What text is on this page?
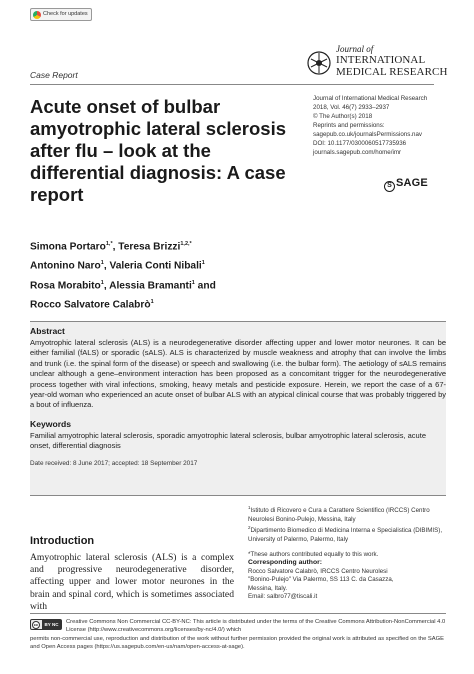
Check for updates
Case Report
Journal of
INTERNATIONAL
MEDICAL RESEARCH
Acute onset of bulbar amyotrophic lateral sclerosis after flu – look at the differential diagnosis: A case report
Journal of International Medical Research
2018, Vol. 46(7) 2933–2937
© The Author(s) 2018
Reprints and permissions:
sagepub.co.uk/journalsPermissions.nav
DOI: 10.1177/0300060517735936
journals.sagepub.com/home/imr
S SAGE
Simona Portaro$^{1,*}$, Teresa Brizzi$^{1,2,*}$
Antonino Naro$^1$, Valeria Conti Nibali$^1$
Rosa Morabito$^1$, Alessia Bramanti$^1$ and
Rocco Salvatore Calabrò$^1$
Abstract

Amyotrophic lateral sclerosis (ALS) is a neurodegenerative disorder affecting upper and lower motor neurones. It can be either familial (fALS) or sporadic (sALS). ALS is characterized by muscle weakness and atrophy that can involve the limbs and trunk (i.e. the spinal form of the disease) or speech and swallowing (i.e. the bulbar form). The aetiology of sALS remains unclear although a gene–environment interaction has been proposed as a concomitant trigger for the neurodegenerative process together with viral infections, smoking, heavy metals and pesticide exposure. Herein, we report the case of a 67-year-old woman who experienced an acute onset of bulbar ALS with an atypical clinical course that was probably triggered by a bout of influenza.

Keywords

Familial amyotrophic lateral sclerosis, sporadic amyotrophic lateral sclerosis, bulbar amyotrophic lateral sclerosis, acute onset, differential diagnosis

Date received: 8 June 2017; accepted: 18 September 2017
Introduction

Amyotrophic lateral sclerosis (ALS) is a complex and progressive neurodegenerative disorder, affecting upper and lower motor neurones in the brain and spinal cord, which is sometimes associated with

$^1$Istituto di Ricovero e Cura a Carattere Scientifico (IRCCS) Centro Neurolesi Bonino-Pulejo, Messina, Italy
$^2$Dipartimento Biomedico di Medicina Interna e Specialistica (DIBIMIS), University of Palermo, Palermo, Italy
*These authors contributed equally to this work.
Corresponding author:
Rocco Salvatore Calabrò, IRCCS Centro Neurolesi
"Bonino-Pulejo" Via Palermo, SS 113 C. da Casazza,
Messina, Italy.
Email: salbro77@tiscali.it
cc	BY NC	Creative Commons Non Commercial CC-BY-NC: This article is distributed under the terms of the Creative Commons Attribution-NonCommercial 4.0 License (http://www.creativecommons.org/licenses/by-nc/4.0/) which

permits non-commercial use, reproduction and distribution of the work without further permission provided the original work is attributed as specified on the SAGE and Open Access pages (https://us.sagepub.com/en-us/nam/open-access-at-sage).
